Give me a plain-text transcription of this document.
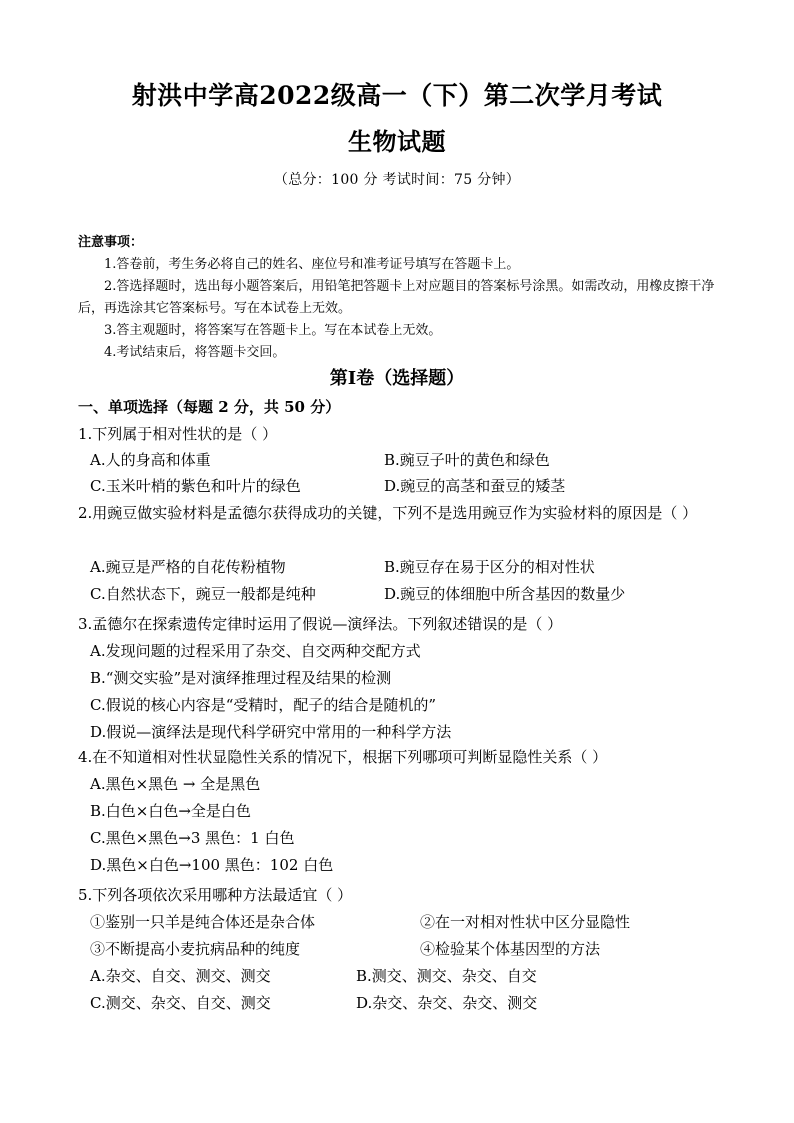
射洪中学高2022级高一（下）第二次学月考试
生物试题
（总分：100 分 考试时间：75 分钟）
注意事项：

1.答卷前，考生务必将自己的姓名、座位号和准考证号填写在答题卡上。

2.答选择题时，选出每小题答案后，用铅笔把答题卡上对应题目的答案标号涂黑。如需改动，用橡皮擦干净后，再选涂其它答案标号。写在本试卷上无效。

3.答主观题时，将答案写在答题卡上。写在本试卷上无效。

4.考试结束后，将答题卡交回。

第Ⅰ卷（选择题）
一、单项选择（每题 2 分，共 50 分）
1.下列属于相对性状的是（ ）
A.人的身高和体重	B.豌豆子叶的黄色和绿色
C.玉米叶梢的紫色和叶片的绿色	D.豌豆的高茎和蚕豆的矮茎
2.用豌豆做实验材料是孟德尔获得成功的关键，下列不是选用豌豆作为实验材料的原因是（ ）
A.豌豆是严格的自花传粉植物	B.豌豆存在易于区分的相对性状
C.自然状态下，豌豆一般都是纯种	D.豌豆的体细胞中所含基因的数量少
3.孟德尔在探索遗传定律时运用了假说—演绎法。下列叙述错误的是（ ）
A.发现问题的过程采用了杂交、自交两种交配方式
B.“测交实验”是对演绎推理过程及结果的检测
C.假说的核心内容是“受精时，配子的结合是随机的”
D.假说—演绎法是现代科学研究中常用的一种科学方法
4.在不知道相对性状显隐性关系的情况下，根据下列哪项可判断显隐性关系（ ）
A.黑色×黑色 → 全是黑色
B.白色×白色→全是白色
C.黑色×黑色→3 黑色：1 白色
D.黑色×白色→100 黑色：102 白色
5.下列各项依次采用哪种方法最适宜（ ）
①鉴别一只羊是纯合体还是杂合体	②在一对相对性状中区分显隐性
③不断提高小麦抗病品种的纯度	④检验某个体基因型的方法
A.杂交、自交、测交、测交	B.测交、测交、杂交、自交
C.测交、杂交、自交、测交	D.杂交、杂交、杂交、测交
